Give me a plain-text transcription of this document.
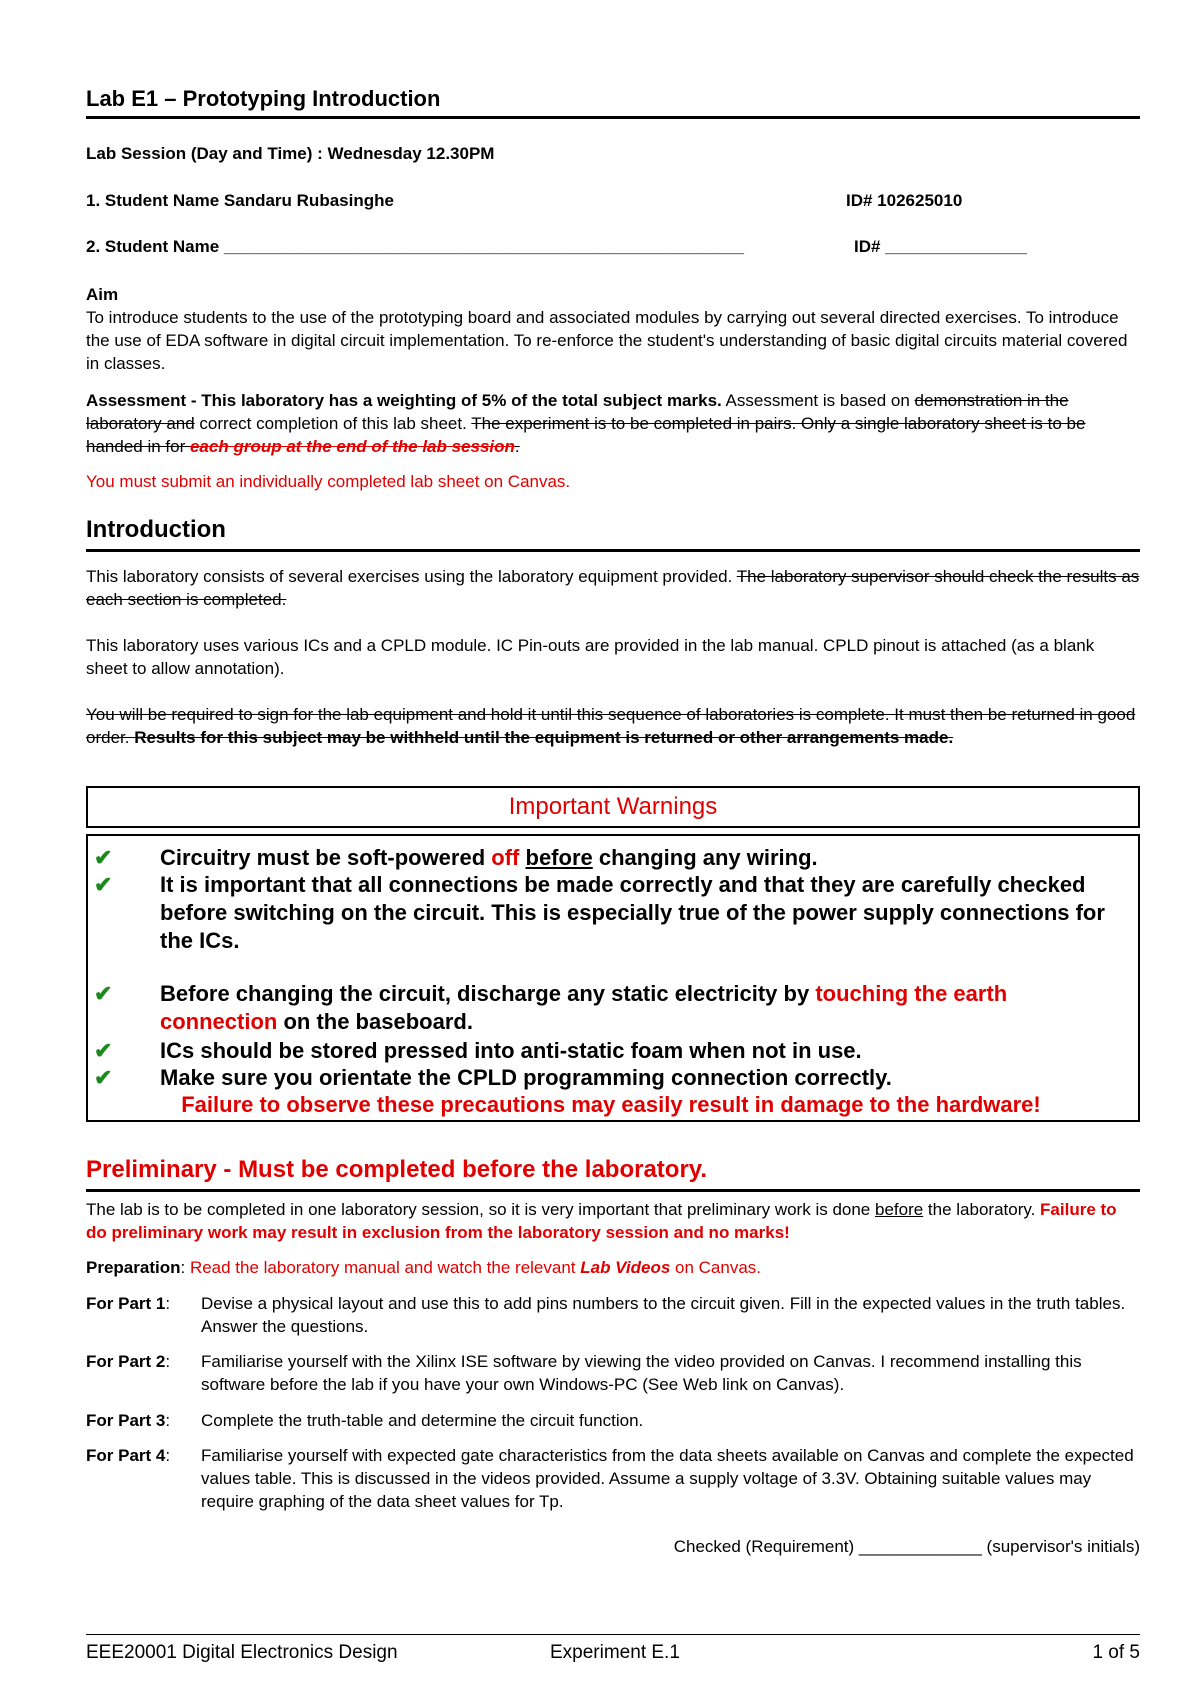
Lab E1 – Prototyping Introduction
Lab Session (Day and Time) : Wednesday 12.30PM
1. Student Name Sandaru Rubasinghe	ID# 102625010
2. Student Name _______________________________________________________	ID# _______________
Aim
To introduce students to the use of the prototyping board and associated modules by carrying out several directed exercises. To introduce the use of EDA software in digital circuit implementation. To re-enforce the student's understanding of basic digital circuits material covered in classes.
Assessment - This laboratory has a weighting of 5% of the total subject marks. Assessment is based on demonstration in the laboratory and correct completion of this lab sheet. The experiment is to be completed in pairs. Only a single laboratory sheet is to be handed in for each group at the end of the lab session.
You must submit an individually completed lab sheet on Canvas.
Introduction
This laboratory consists of several exercises using the laboratory equipment provided. The laboratory supervisor should check the results as each section is completed.
This laboratory uses various ICs and a CPLD module. IC Pin-outs are provided in the lab manual. CPLD pinout is attached (as a blank sheet to allow annotation).
You will be required to sign for the lab equipment and hold it until this sequence of laboratories is complete. It must then be returned in good order. Results for this subject may be withheld until the equipment is returned or other arrangements made.
Important Warnings
✔ Circuitry must be soft-powered off before changing any wiring.
✔ It is important that all connections be made correctly and that they are carefully checked before switching on the circuit. This is especially true of the power supply connections for the ICs.
✔ Before changing the circuit, discharge any static electricity by touching the earth connection on the baseboard.
✔ ICs should be stored pressed into anti-static foam when not in use.
✔ Make sure you orientate the CPLD programming connection correctly.
Failure to observe these precautions may easily result in damage to the hardware!
Preliminary - Must be completed before the laboratory.
The lab is to be completed in one laboratory session, so it is very important that preliminary work is done before the laboratory. Failure to do preliminary work may result in exclusion from the laboratory session and no marks!
Preparation: Read the laboratory manual and watch the relevant Lab Videos on Canvas.
For Part 1: Devise a physical layout and use this to add pins numbers to the circuit given. Fill in the expected values in the truth tables. Answer the questions.
For Part 2: Familiarise yourself with the Xilinx ISE software by viewing the video provided on Canvas. I recommend installing this software before the lab if you have your own Windows-PC (See Web link on Canvas).
For Part 3: Complete the truth-table and determine the circuit function.
For Part 4: Familiarise yourself with expected gate characteristics from the data sheets available on Canvas and complete the expected values table. This is discussed in the videos provided. Assume a supply voltage of 3.3V. Obtaining suitable values may require graphing of the data sheet values for Tp.
Checked (Requirement) _____________ (supervisor's initials)
EEE20001 Digital Electronics Design	Experiment E.1	1 of 5
